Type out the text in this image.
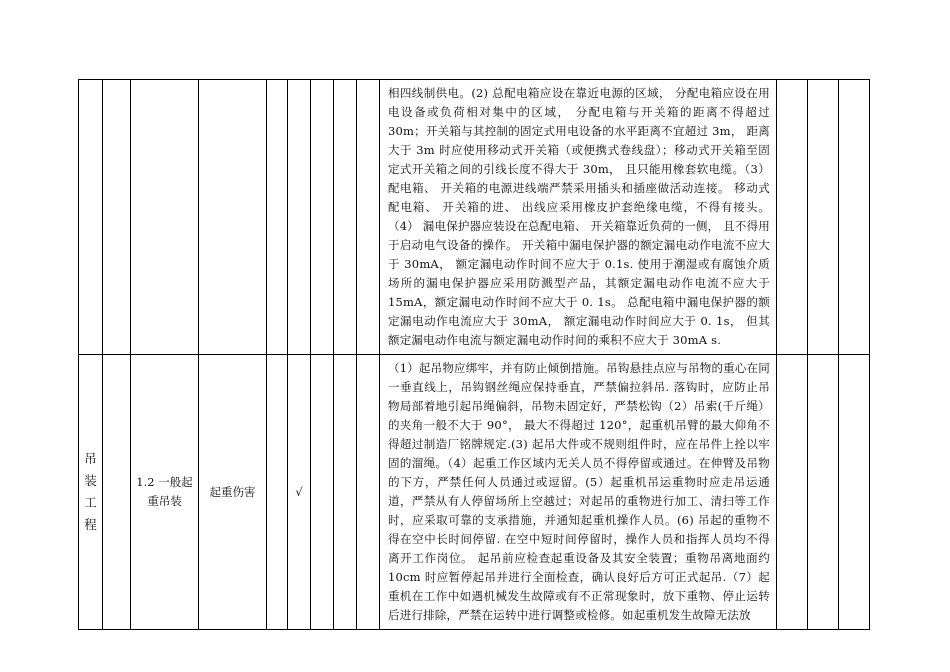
									相四线制供电。(2) 总配电箱应设在靠近电源的区域， 分配电箱应设在用电设备或负荷相对集中的区域， 分配电箱与开关箱的距离不得超过 30m；开关箱与其控制的固定式用电设备的水平距离不宜超过 3m， 距离大于 3m 时应使用移动式开关箱（或便携式卷线盘）；移动式开关箱至固定式开关箱之间的引线长度不得大于 30m， 且只能用橡套软电缆。（3） 配电箱、 开关箱的电源进线端严禁采用插头和插座做活动连接。 移动式配电箱、 开关箱的进、 出线应采用橡皮护套绝缘电缆，不得有接头。（4） 漏电保护器应装设在总配电箱、 开关箱靠近负荷的一侧， 且不得用于启动电气设备的操作。 开关箱中漏电保护器的额定漏电动作电流不应大于 30mA， 额定漏电动作时间不应大于 0.1s. 使用于潮湿或有腐蚀介质场所的漏电保护器应采用防溅型产品，其额定漏电动作电流不应大于 15mA，额定漏电动作时间不应大于 0. 1s。 总配电箱中漏电保护器的额定漏电动作电流应大于 30mA， 额定漏电动作时间应大于 0. 1s， 但其额定漏电动作电流与额定漏电动作时间的乘积不应大于 30mA s.			
吊装工程		1.2 一般起重吊装	起重伤害		√				（1）起吊物应绑牢，并有防止倾倒措施。吊钩悬挂点应与吊物的重心在同一垂直线上，吊钩钢丝绳应保持垂直，严禁偏拉斜吊. 落钩时，应防止吊物局部着地引起吊绳偏斜，吊物未固定好，严禁松钩（2）吊索(千斤绳）的夹角一般不大于 90°， 最大不得超过 120°，起重机吊臂的最大仰角不得超过制造厂铭牌规定.(3) 起吊大件或不规则组件时，应在吊件上拴以牢固的溜绳。（4）起重工作区域内无关人员不得停留或通过。在伸臂及吊物的下方，严禁任何人员通过或逗留。(5）起重机吊运重物时应走吊运通道，严禁从有人停留场所上空越过；对起吊的重物进行加工、清扫等工作时，应采取可靠的支承措施，并通知起重机操作人员。(6) 吊起的重物不得在空中长时间停留. 在空中短时间停留时，操作人员和指挥人员均不得离开工作岗位。 起吊前应检查起重设备及其安全装置；重物吊离地面约 10cm 时应暂停起吊并进行全面检查，确认良好后方可正式起吊.（7）起重机在工作中如遇机械发生故障或有不正常现象时，放下重物、停止运转后进行排除，严禁在运转中进行调整或检修。如起重机发生故障无法放			
